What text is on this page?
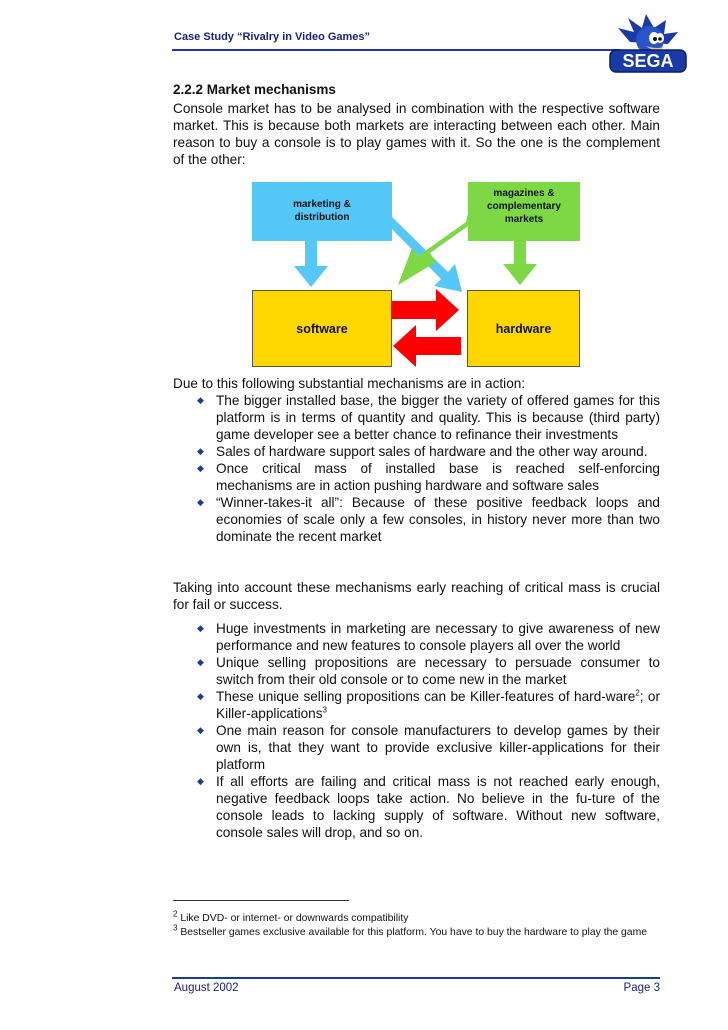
Case Study “Rivalry in Video Games”
SEGA
2.2.2 Market mechanisms

Console market has to be analysed in combination with the respective software market. This is because both markets are interacting between each other. Main reason to buy a console is to play games with it. So the one is the complement of the other:

marketing &
distribution
magazines &
complementary
markets
software	hardware

Due to this following substantial mechanisms are in action:

◆ The bigger installed base, the bigger the variety of offered games for this platform is in terms of quantity and quality. This is because (third party) game developer see a better chance to refinance their investments
◆ Sales of hardware support sales of hardware and the other way around.
◆ Once critical mass of installed base is reached self-enforcing mechanisms are in action pushing hardware and software sales
◆ “Winner-takes-it all”: Because of these positive feedback loops and economies of scale only a few consoles, in history never more than two dominate the recent market

Taking into account these mechanisms early reaching of critical mass is crucial for fail or success.

◆ Huge investments in marketing are necessary to give awareness of new performance and new features to console players all over the world
◆ Unique selling propositions are necessary to persuade consumer to switch from their old console or to come new in the market
◆ These unique selling propositions can be Killer-features of hard-ware$^2$; or Killer-applications$^3$
◆ One main reason for console manufacturers to develop games by their own is, that they want to provide exclusive killer-applications for their platform
◆ If all efforts are failing and critical mass is not reached early enough, negative feedback loops take action. No believe in the fu-ture of the console leads to lacking supply of software. Without new software, console sales will drop, and so on.

$^2$ Like DVD- or internet- or downwards compatibility

$^3$ Bestseller games exclusive available for this platform. You have to buy the hardware to play the game

August 2002	Page 3
